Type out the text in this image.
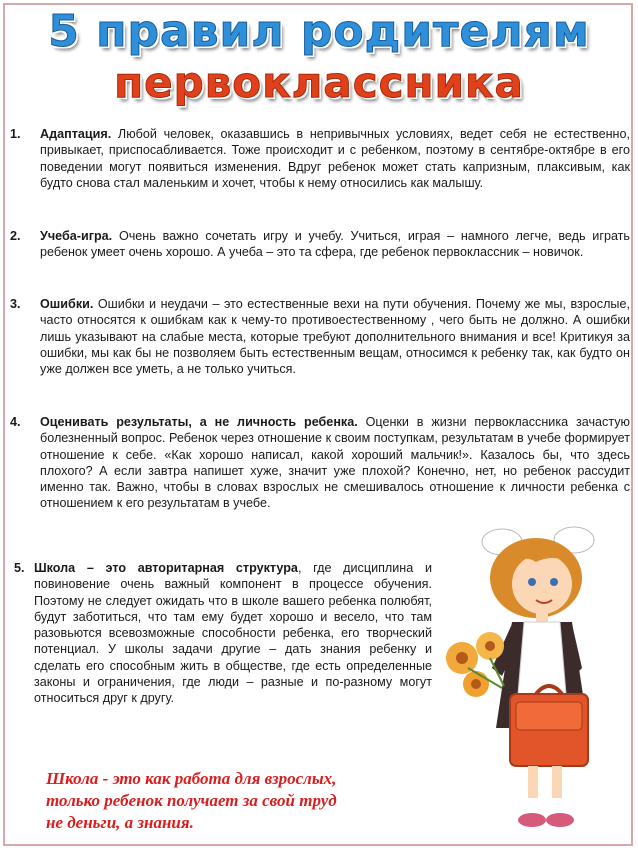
5 правил родителям
первоклассника
1. Адаптация. Любой человек, оказавшись в непривычных условиях, ведет себя не естественно, привыкает, приспосабливается. Тоже происходит и с ребенком, поэтому в сентябре-октябре в его поведении могут появиться изменения. Вдруг ребенок может стать капризным, плаксивым, как будто снова стал маленьким и хочет, чтобы к нему относились как малышу.
2. Учеба-игра. Очень важно сочетать игру и учебу. Учиться, играя – намного легче, ведь играть ребенок умеет очень хорошо. А учеба – это та сфера, где ребенок первоклассник – новичок.
3. Ошибки. Ошибки и неудачи – это естественные вехи на пути обучения. Почему же мы, взрослые, часто относятся к ошибкам как к чему-то противоестественному , чего быть не должно. А ошибки лишь указывают на слабые места, которые требуют дополнительного внимания и все! Критикуя за ошибки, мы как бы не позволяем быть естественным вещам, относимся к ребенку так, как будто он уже должен все уметь, а не только учиться.
4. Оценивать результаты, а не личность ребенка. Оценки в жизни первоклассника зачастую болезненный вопрос. Ребенок через отношение к своим поступкам, результатам в учебе формирует отношение к себе. «Как хорошо написал, какой хороший мальчик!». Казалось бы, что здесь плохого? А если завтра напишет хуже, значит уже плохой? Конечно, нет, но ребенок рассудит именно так. Важно, чтобы в словах взрослых не смешивалось отношение к личности ребенка с отношением к его результатам в учебе.
5. Школа – это авторитарная структура, где дисциплина и повиновение очень важный компонент в процессе обучения. Поэтому не следует ожидать что в школе вашего ребенка полюбят, будут заботиться, что там ему будет хорошо и весело, что там разовьются всевозможные способности ребенка, его творческий потенциал. У школы задачи другие – дать знания ребенку и сделать его способным жить в обществе, где есть определенные законы и ограничения, где люди – разные и по-разному могут относиться друг к другу.
Школа - это как работа для взрослых,
только ребенок получает за свой труд
не деньги, а знания.
